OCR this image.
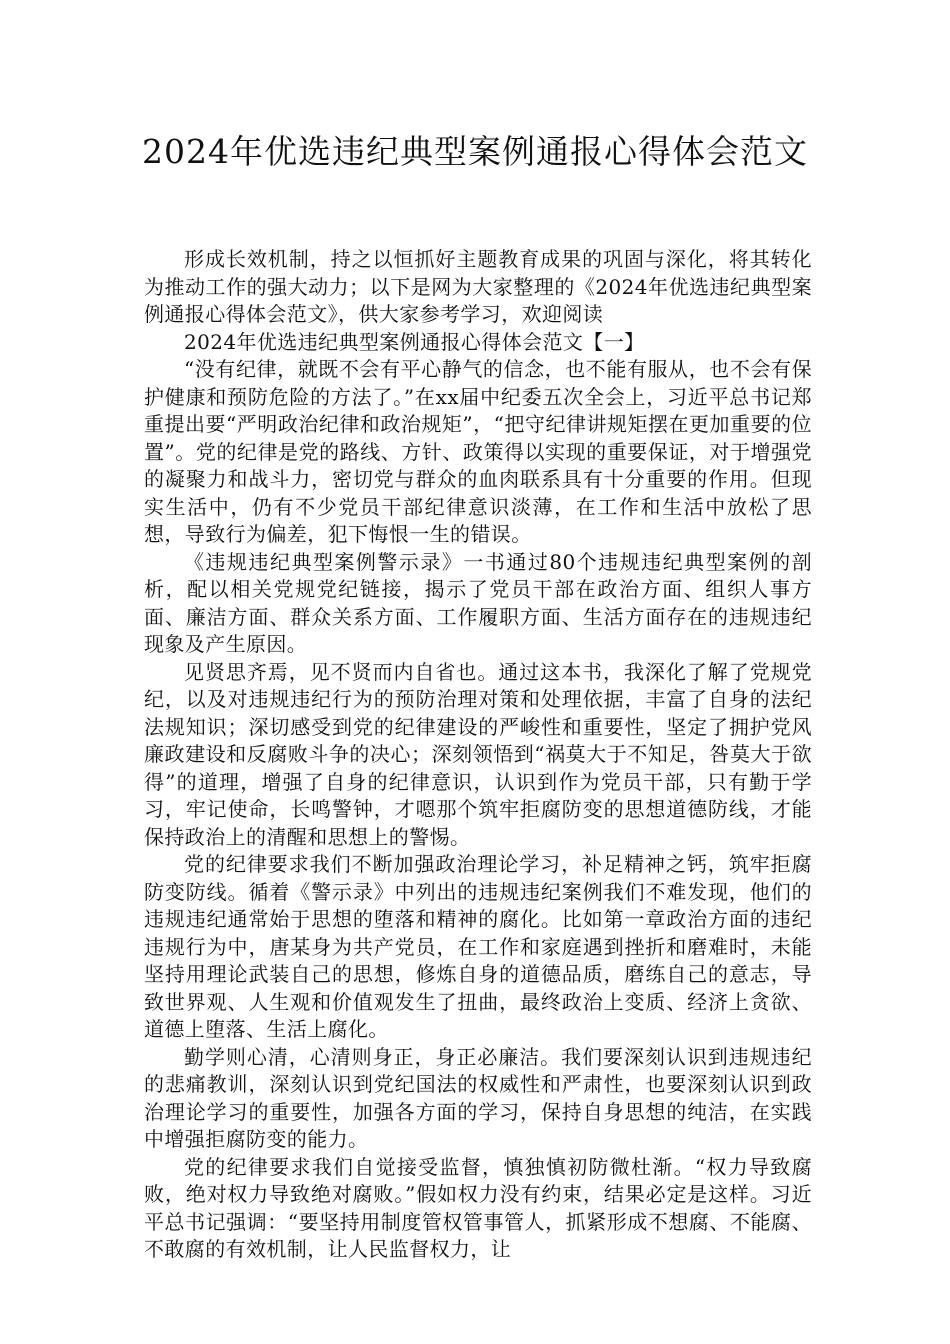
2024年优选违纪典型案例通报心得体会范文

形成长效机制，持之以恒抓好主题教育成果的巩固与深化，将其转化为推动工作的强大动力；以下是网为大家整理的《2024年优选违纪典型案例通报心得体会范文》，供大家参考学习，欢迎阅读

2024年优选违纪典型案例通报心得体会范文【一】

“没有纪律，就既不会有平心静气的信念，也不能有服从，也不会有保护健康和预防危险的方法了。”在xx届中纪委五次全会上，习近平总书记郑重提出要“严明政治纪律和政治规矩”，“把守纪律讲规矩摆在更加重要的位置”。党的纪律是党的路线、方针、政策得以实现的重要保证，对于增强党的凝聚力和战斗力，密切党与群众的血肉联系具有十分重要的作用。但现实生活中，仍有不少党员干部纪律意识淡薄，在工作和生活中放松了思想，导致行为偏差，犯下悔恨一生的错误。

《违规违纪典型案例警示录》一书通过80个违规违纪典型案例的剖析，配以相关党规党纪链接，揭示了党员干部在政治方面、组织人事方面、廉洁方面、群众关系方面、工作履职方面、生活方面存在的违规违纪现象及产生原因。

见贤思齐焉，见不贤而内自省也。通过这本书，我深化了解了党规党纪，以及对违规违纪行为的预防治理对策和处理依据，丰富了自身的法纪法规知识；深切感受到党的纪律建设的严峻性和重要性，坚定了拥护党风廉政建设和反腐败斗争的决心；深刻领悟到“祸莫大于不知足，咎莫大于欲得”的道理，增强了自身的纪律意识，认识到作为党员干部，只有勤于学习，牢记使命，长鸣警钟，才嗯那个筑牢拒腐防变的思想道德防线，才能保持政治上的清醒和思想上的警惕。

党的纪律要求我们不断加强政治理论学习，补足精神之钙，筑牢拒腐防变防线。循着《警示录》中列出的违规违纪案例我们不难发现，他们的违规违纪通常始于思想的堕落和精神的腐化。比如第一章政治方面的违纪违规行为中，唐某身为共产党员，在工作和家庭遇到挫折和磨难时，未能坚持用理论武装自己的思想，修炼自身的道德品质，磨练自己的意志，导致世界观、人生观和价值观发生了扭曲，最终政治上变质、经济上贪欲、道德上堕落、生活上腐化。

勤学则心清，心清则身正，身正必廉洁。我们要深刻认识到违规违纪的悲痛教训，深刻认识到党纪国法的权威性和严肃性，也要深刻认识到政治理论学习的重要性，加强各方面的学习，保持自身思想的纯洁，在实践中增强拒腐防变的能力。

党的纪律要求我们自觉接受监督，慎独慎初防微杜渐。“权力导致腐败，绝对权力导致绝对腐败。”假如权力没有约束，结果必定是这样。习近平总书记强调：“要坚持用制度管权管事管人，抓紧形成不想腐、不能腐、不敢腐的有效机制，让人民监督权力，让
